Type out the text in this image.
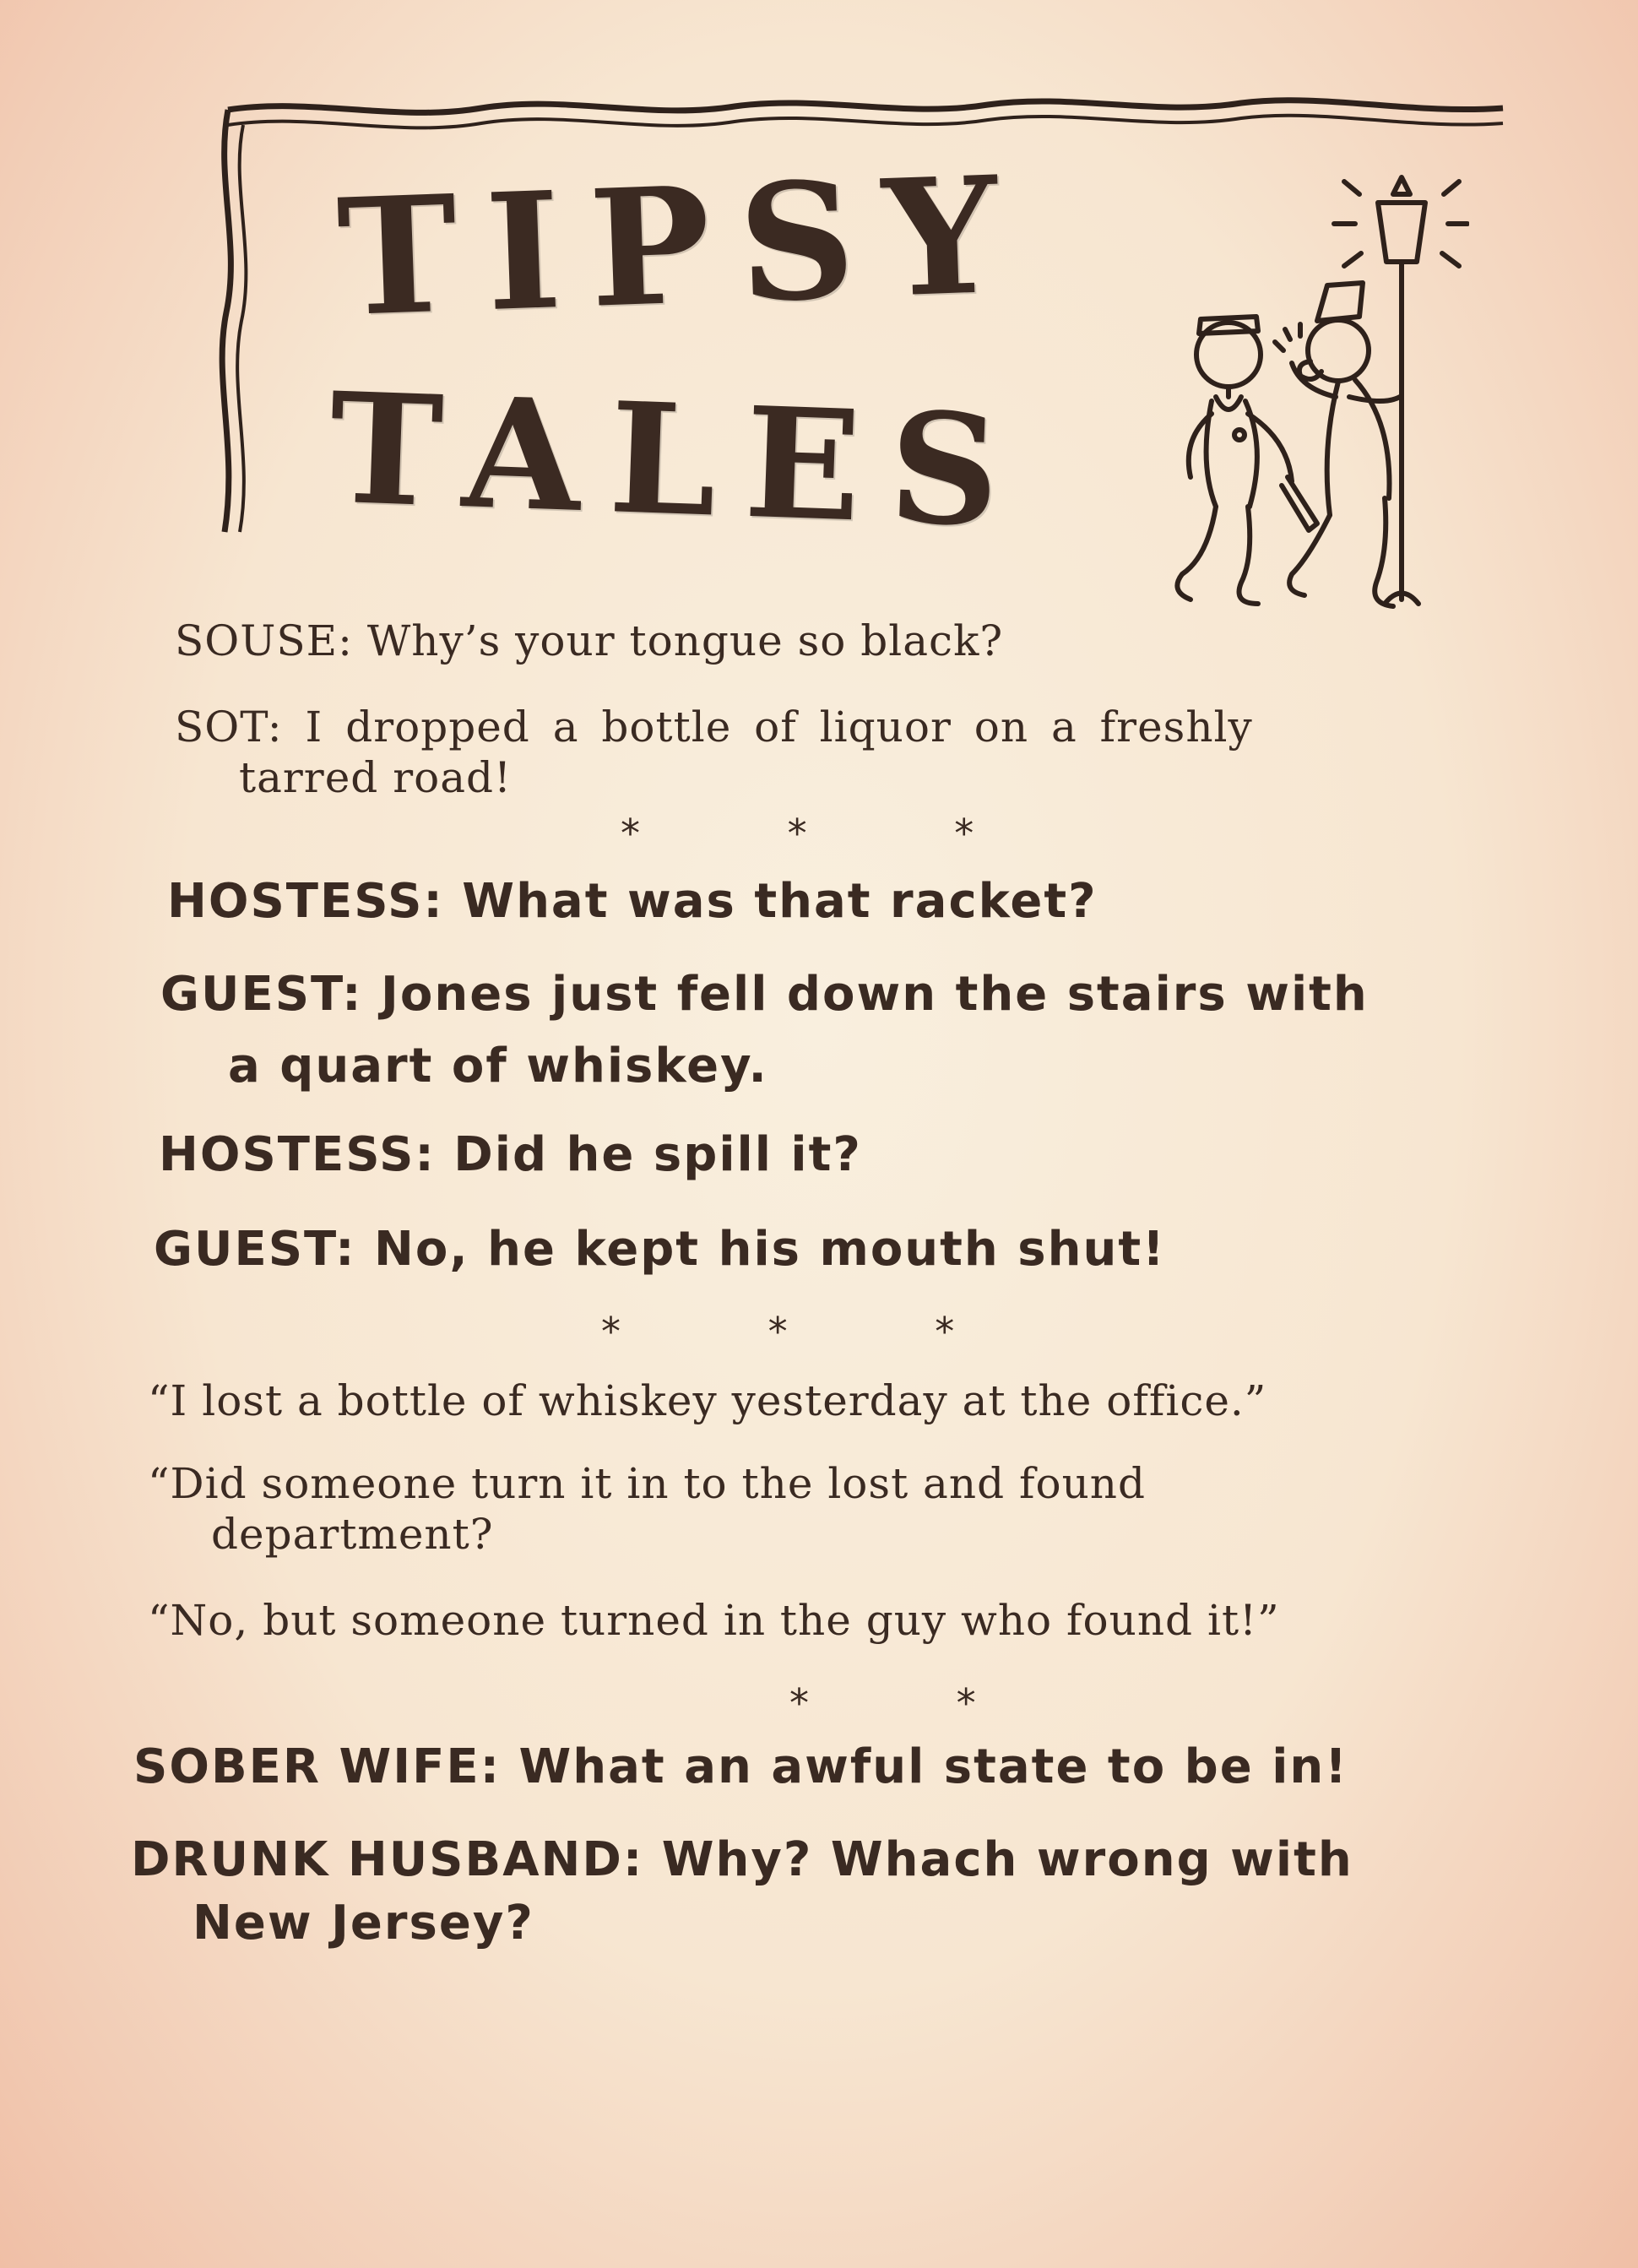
TIPSY
TALES

SOUSE: Why’s your tongue so black?

SOT: I dropped a bottle of liquor on a freshly

tarred road!

* * *

HOSTESS: What was that racket?

GUEST: Jones just fell down the stairs with

a quart of whiskey.

HOSTESS: Did he spill it?

GUEST: No, he kept his mouth shut!

* * *

“I lost a bottle of whiskey yesterday at the office.”

“Did someone turn it in to the lost and found

department?

“No, but someone turned in the guy who found it!”

* *

SOBER WIFE: What an awful state to be in!

DRUNK HUSBAND: Why? Whach wrong with

New Jersey?
